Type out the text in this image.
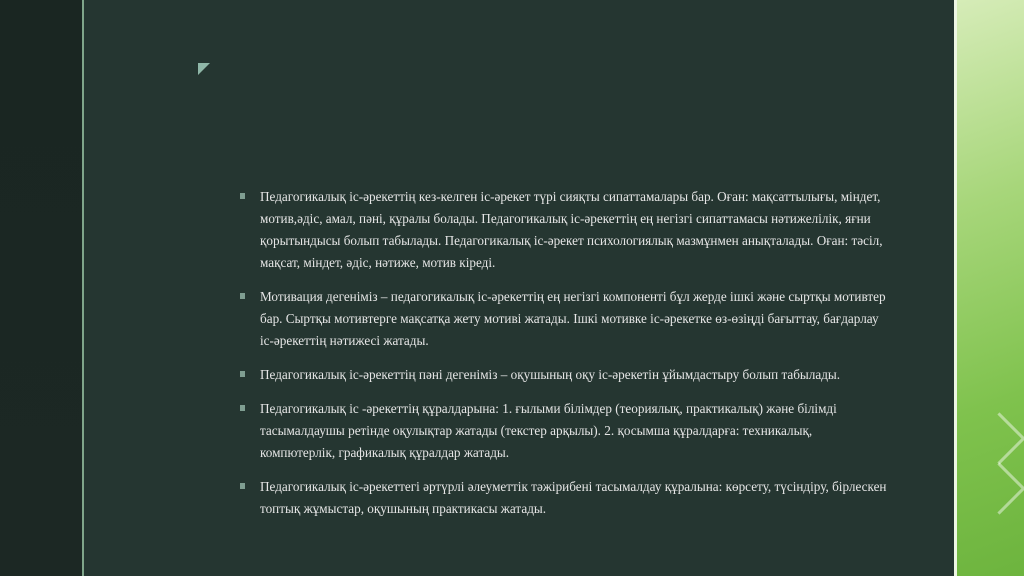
Педагогикалық іс-әрекеттің кез-келген іс-әрекет түрі сияқты сипаттамалары бар. Оған: мақсаттылығы, міндет, мотив,әдіс, амал, пәні, құралы болады. Педагогикалық іс-әрекеттің ең негізгі сипаттамасы нәтижелілік, яғни қорытындысы болып табылады. Педагогикалық іс-әрекет психологиялық мазмұнмен анықталады. Оған: тәсіл, мақсат, міндет, әдіс, нәтиже, мотив кіреді.
Мотивация дегеніміз – педагогикалық іс-әрекеттің ең негізгі компоненті бұл жерде ішкі және сыртқы мотивтер бар. Сыртқы мотивтерге мақсатқа жету мотиві жатады. Ішкі мотивке іс-әрекетке өз-өзіңді бағыттау, бағдарлау іс-әрекеттің нәтижесі жатады.
Педагогикалық іс-әрекеттің пәні дегеніміз – оқушының оқу іс-әрекетін ұйымдастыру болып табылады.
Педагогикалық іс -әрекеттің құралдарына: 1. ғылыми білімдер (теориялық, практикалық) және білімді тасымалдаушы ретінде оқулықтар жатады (текстер арқылы). 2. қосымша құралдарға: техникалық, компютерлік, графикалық құралдар жатады.
Педагогикалық іс-әрекеттегі әртүрлі әлеуметтік тәжірибені тасымалдау құралына: көрсету, түсіндіру, бірлескен топтық жұмыстар, оқушының практикасы жатады.
